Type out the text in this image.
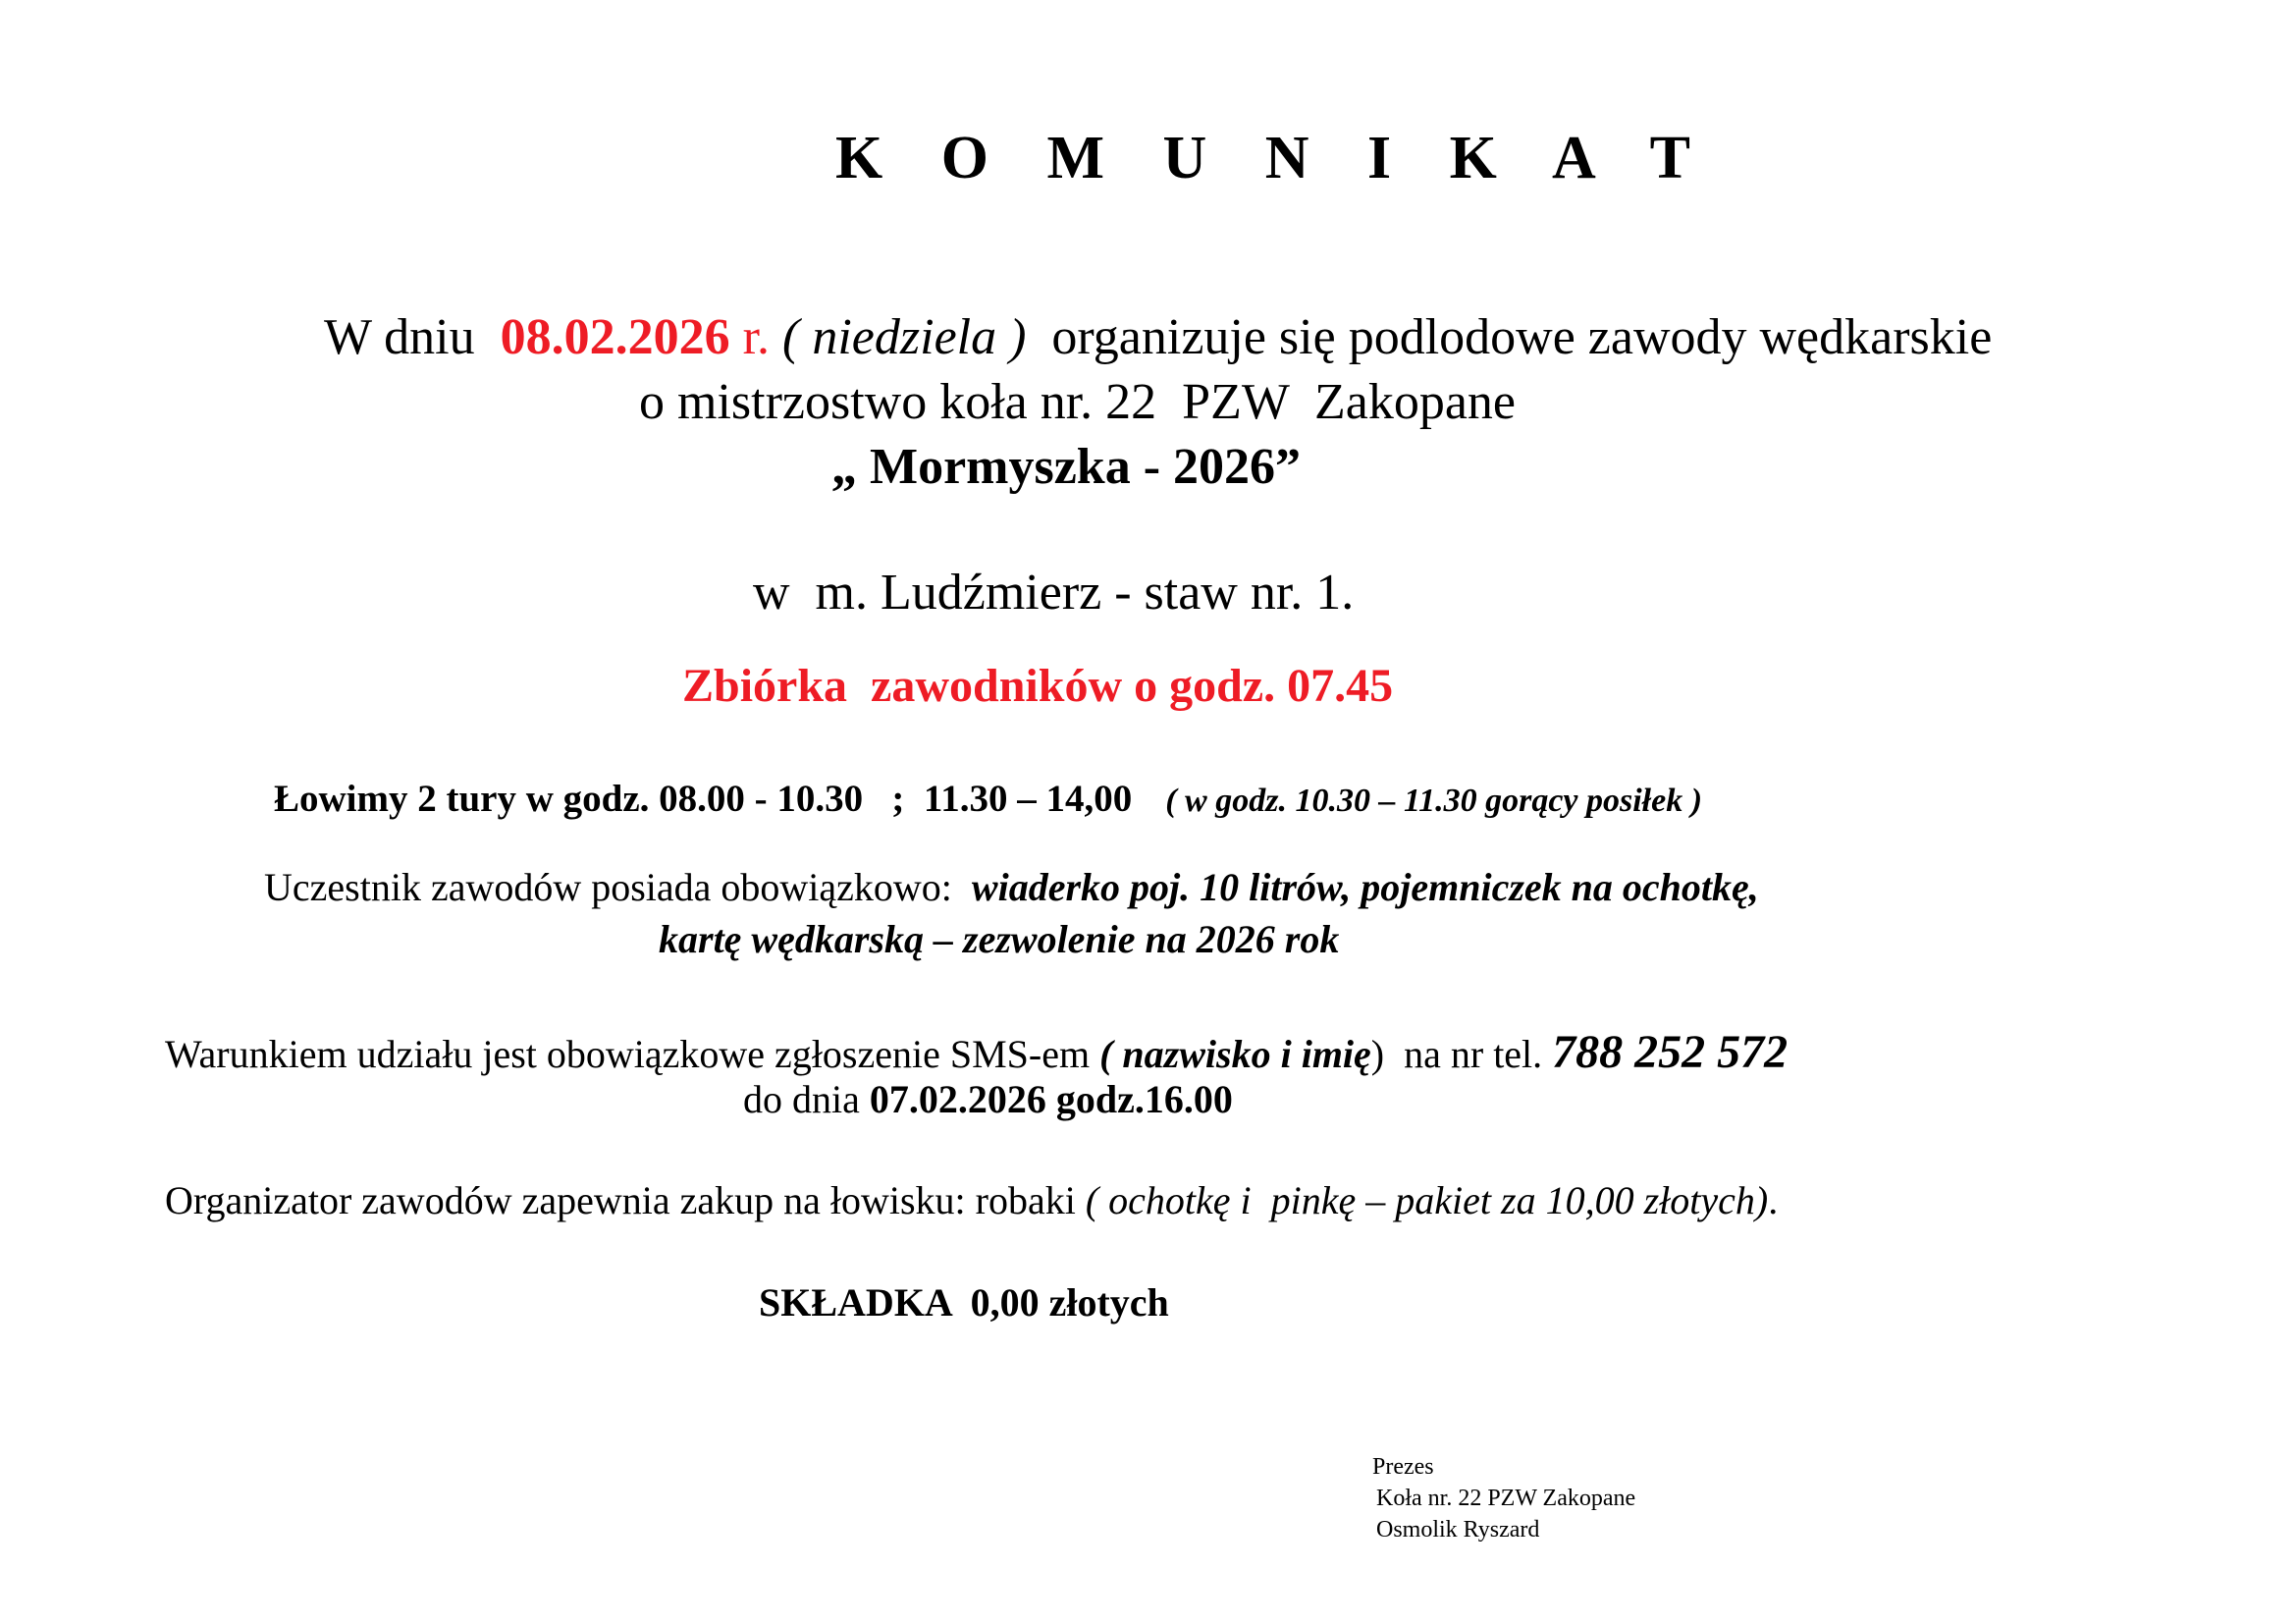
K O M U N I K A T
W dniu  08.02.2026 r. ( niedziela )  organizuje się podlodowe zawody wędkarskie
o mistrzostwo koła nr. 22  PZW  Zakopane
„ Mormyszka - 2026”
w  m. Ludźmierz - staw nr. 1.
Zbiórka  zawodników o godz. 07.45
Łowimy 2 tury w godz. 08.00 - 10.30   ;  11.30 – 14,00    ( w godz. 10.30 – 11.30 gorący posiłek )
Uczestnik zawodów posiada obowiązkowo:  wiaderko poj. 10 litrów, pojemniczek na ochotkę,
kartę wędkarską – zezwolenie na 2026 rok
Warunkiem udziału jest obowiązkowe zgłoszenie SMS-em ( nazwisko i imię)  na nr tel. 788 252 572
do dnia 07.02.2026 godz.16.00
Organizator zawodów zapewnia zakup na łowisku: robaki ( ochotkę i  pinkę – pakiet za 10,00 złotych).
SKŁADKA  0,00 złotych
Prezes
Koła nr. 22 PZW Zakopane
Osmolik Ryszard
